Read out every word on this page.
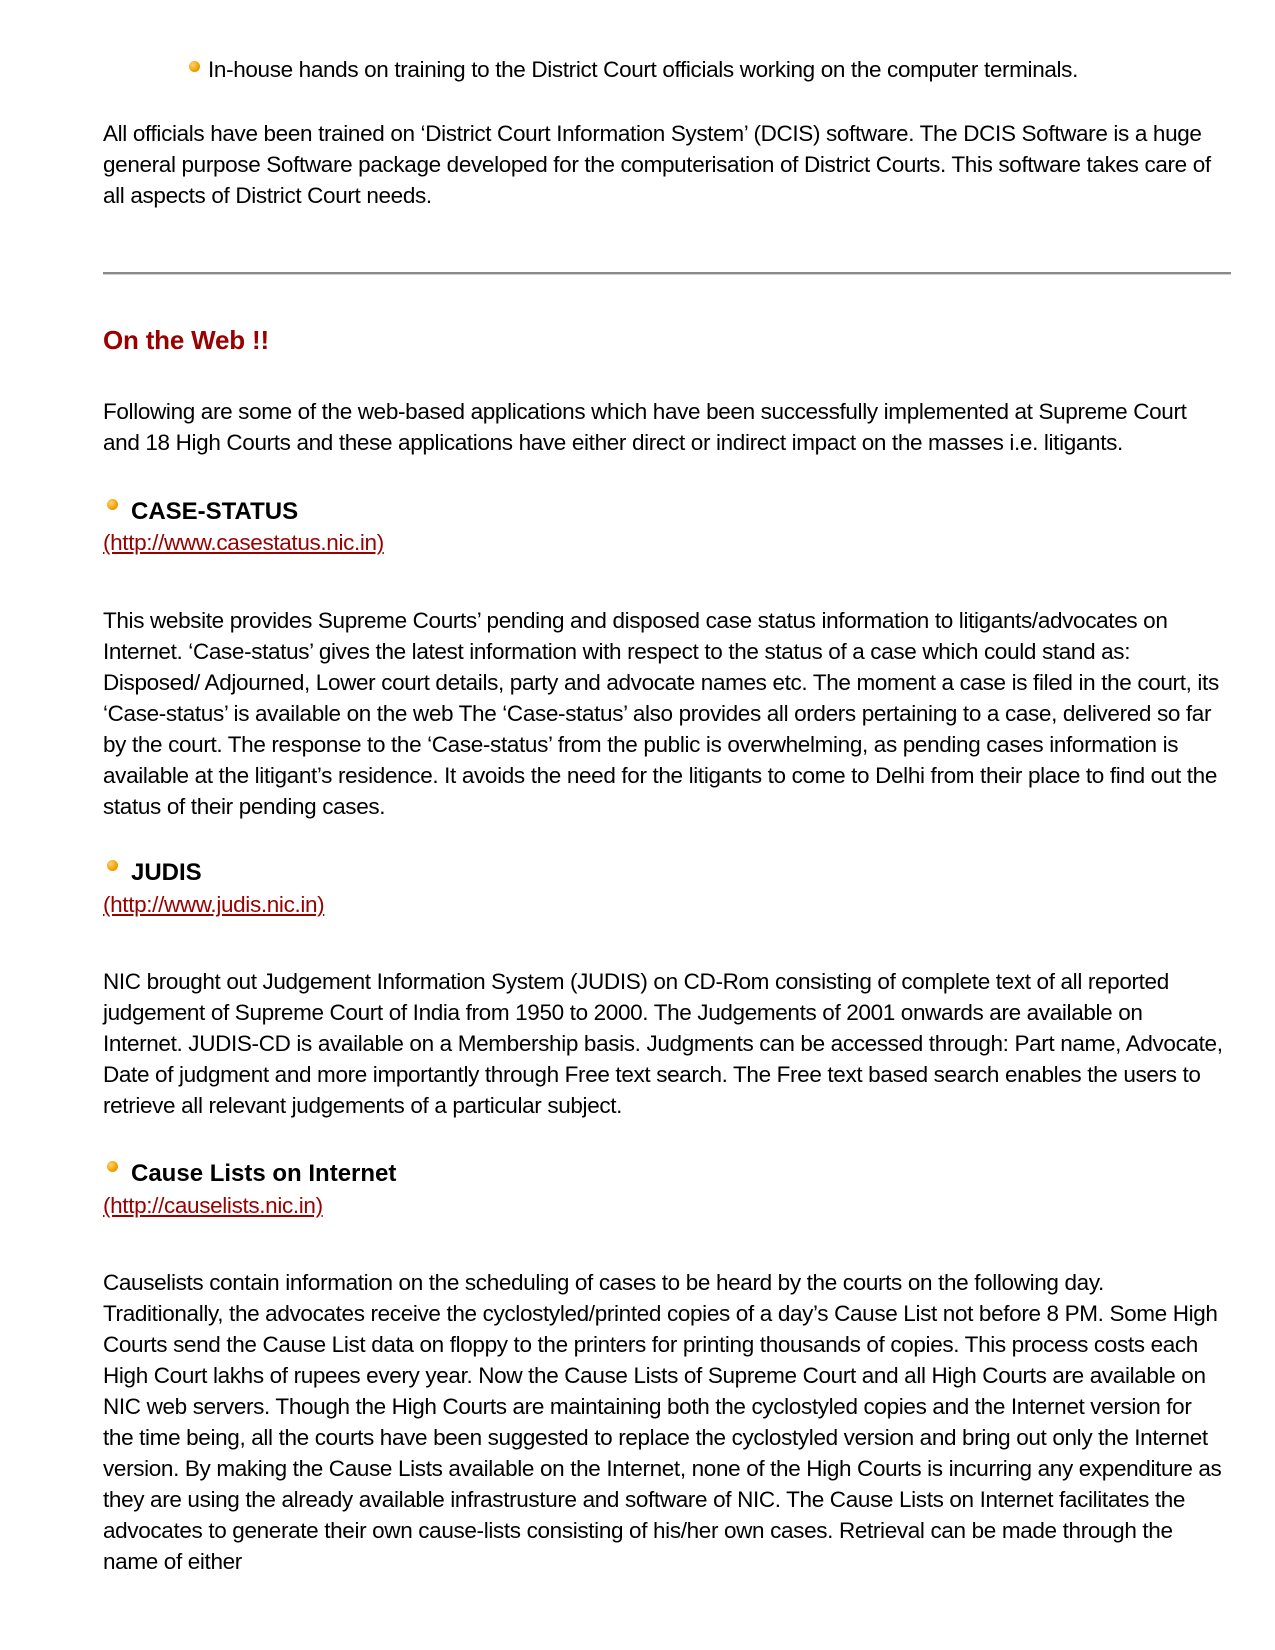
In-house hands on training to the District Court officials working on the computer terminals.

All officials have been trained on ‘District Court Information System’ (DCIS) software. The DCIS Software is a huge general purpose Software package developed for the computerisation of District Courts. This software takes care of all aspects of District Court needs.

On the Web !!

Following are some of the web-based applications which have been successfully implemented at Supreme Court and 18 High Courts and these applications have either direct or indirect impact on the masses i.e. litigants.

CASE-STATUS
(http://www.casestatus.nic.in)

This website provides Supreme Courts’ pending and disposed case status information to litigants/advocates on Internet. ‘Case-status’ gives the latest information with respect to the status of a case which could stand as: Disposed/ Adjourned, Lower court details, party and advocate names etc. The moment a case is filed in the court, its ‘Case-status’ is available on the web The ‘Case-status’ also provides all orders pertaining to a case, delivered so far by the court. The response to the ‘Case-status’ from the public is overwhelming, as pending cases information is available at the litigant’s residence. It avoids the need for the litigants to come to Delhi from their place to find out the status of their pending cases.

JUDIS
(http://www.judis.nic.in)

NIC brought out Judgement Information System (JUDIS) on CD-Rom consisting of complete text of all reported judgement of Supreme Court of India from 1950 to 2000. The Judgements of 2001 onwards are available on Internet. JUDIS-CD is available on a Membership basis. Judgments can be accessed through: Part name, Advocate, Date of judgment and more importantly through Free text search. The Free text based search enables the users to retrieve all relevant judgements of a particular subject.

Cause Lists on Internet
(http://causelists.nic.in)

Causelists contain information on the scheduling of cases to be heard by the courts on the following day. Traditionally, the advocates receive the cyclostyled/printed copies of a day’s Cause List not before 8 PM. Some High Courts send the Cause List data on floppy to the printers for printing thousands of copies. This process costs each High Court lakhs of rupees every year. Now the Cause Lists of Supreme Court and all High Courts are available on NIC web servers. Though the High Courts are maintaining both the cyclostyled copies and the Internet version for the time being, all the courts have been suggested to replace the cyclostyled version and bring out only the Internet version. By making the Cause Lists available on the Internet, none of the High Courts is incurring any expenditure as they are using the already available infrastrusture and software of NIC. The Cause Lists on Internet facilitates the advocates to generate their own cause-lists consisting of his/her own cases. Retrieval can be made through the name of either
